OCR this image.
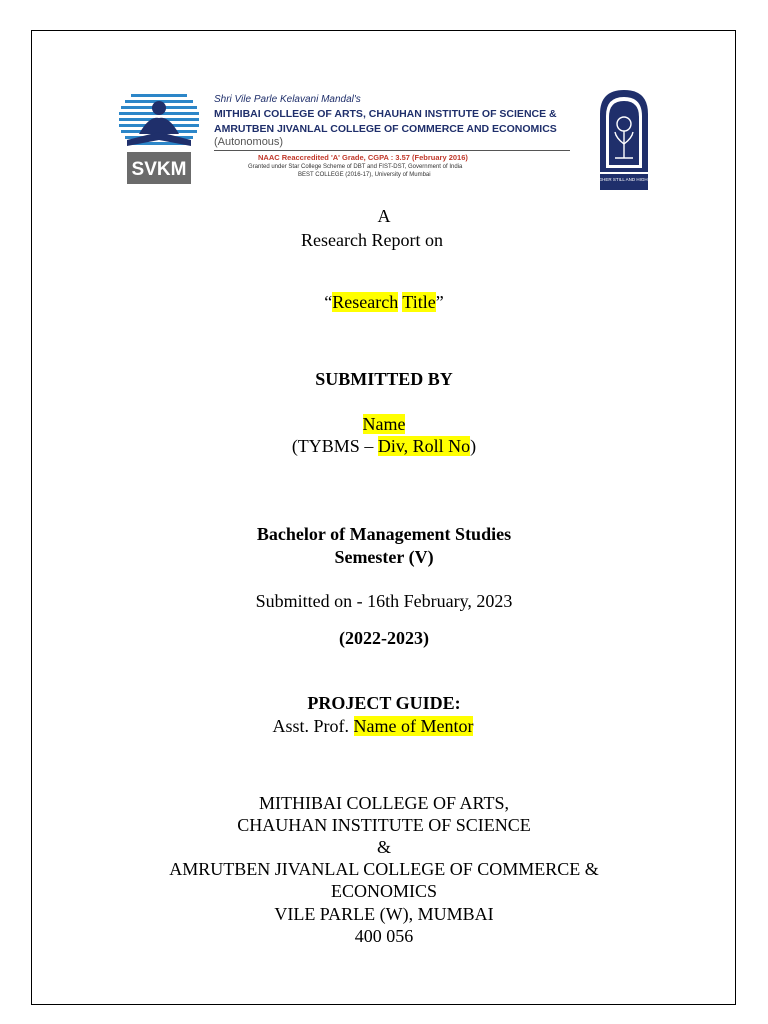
SVKM
Shri Vile Parle Kelavani Mandal's
MITHIBAI COLLEGE OF ARTS, CHAUHAN INSTITUTE OF SCIENCE &
AMRUTBEN JIVANLAL COLLEGE OF COMMERCE AND ECONOMICS
(Autonomous)
NAAC Reaccredited 'A' Grade, CGPA : 3.57 (February 2016)
Granted under Star College Scheme of DBT and FIST-DST, Government of India
BEST COLLEGE (2016-17), University of Mumbai
HIGHER STILL AND HIGHER
A
Research Report on
“Research Title”
SUBMITTED BY
Name
(TYBMS – Div, Roll No)
Bachelor of Management Studies
Semester (V)
Submitted on - 16th February, 2023
(2022-2023)
PROJECT GUIDE:
Asst. Prof. Name of Mentor
MITHIBAI COLLEGE OF ARTS,
CHAUHAN INSTITUTE OF SCIENCE
&
AMRUTBEN JIVANLAL COLLEGE OF COMMERCE &
ECONOMICS
VILE PARLE (W), MUMBAI
400 056
